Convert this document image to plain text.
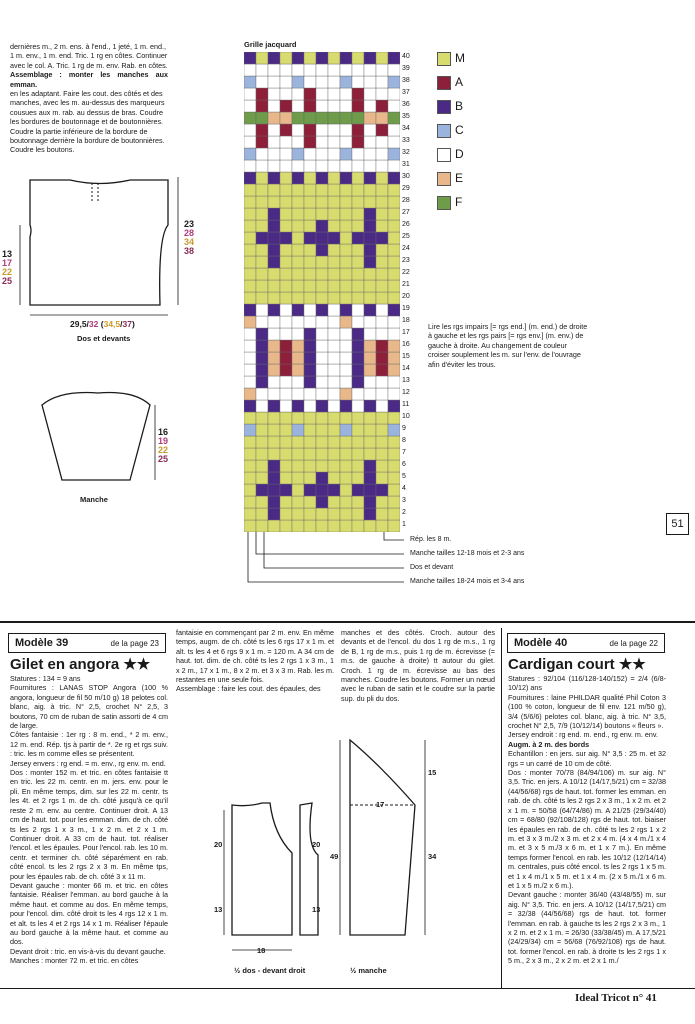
dernières m., 2 m. ens. à l'end., 1 jeté, 1 m. end.,
1 m. env., 1 m. end. Tric. 1 rg en côtes. Continuer
avec le col. A. Tric. 1 rg de m. env. Rab. en côtes.
Assemblage : monter les manches aux emman.
en les adaptant. Faire les cout. des côtés et des
manches, avec les m. au-dessus des marqueurs
cousues aux m. rab. au dessus de bras. Coudre
les bordures de boutonnage et de boutonnières.
Coudre la partie inférieure de la bordure de
boutonnage derrière la bordure de boutonnières.
Coudre les boutons.
23
28
34
38
13
17
22
25
29,5/32 (34,5/37)
Dos et devants
16
19
22
25
Manche
Grille jacquard
40
39
38
37
36
35
34
33
32
31
30
29
28
27
26
25
24
23
22
21
20
19
18
17
16
15
14
13
12
11
10
9
8
7
6
5
4
3
2
1
M
A
B
C
D
E
F
Lire les rgs impairs [= rgs end.] (m. end.) de droite à gauche et les rgs pairs [= rgs env.] (m. env.) de gauche à droite. Au changement de couleur croiser souplement les m. sur l'env. de l'ouvrage afin d'éviter les trous.
Rép. les 8 m.
Manche tailles 12-18 mois et 2-3 ans
Dos et devant
Manche tailles 18-24 mois et 3-4 ans
51
Modèle 39	de la page 23
Gilet en angora ★★
Statures : 134 = 9 ans
Fournitures : LANAS STOP Angora (100 % angora, longueur de fil 50 m/10 g) 18 pelotes col. blanc, aig. à tric. N° 2,5, crochet N° 2,5, 3 boutons, 70 cm de ruban de satin assorti de 4 cm de large.
Côtes fantaisie : 1er rg : 8 m. end., * 2 m. env., 12 m. end. Rép. tjs à partir de *. 2e rg et rgs suiv. : tric. les m comme elles se présentent.
Jersey envers : rg end. = m. env., rg env. m. end.
Dos : monter 152 m. et tric. en côtes fantaisie tt en tric. les 22 m. centr. en m. jers. env. pour le pli. En même temps, dim. sur les 22 m. centr. ts les 4t. et 2 rgs 1 m. de ch. côté jusqu'à ce qu'il reste 2 m. env. au centre. Continuer droit. A 13 cm de haut. tot. pour les emman. dim. de ch. côté ts les 2 rgs 1 x 3 m., 1 x 2 m. et 2 x 1 m. Continuer droit. A 33 cm de haut. tot. réaliser l'encol. et les épaules. Pour l'encol. rab. les 10 m. centr. et terminer ch. côté séparément en rab. côté encol. ts les 2 rgs 2 x 3 m. En même tps, pour les épaules rab. de ch. côté 3 x 11 m.
Devant gauche : monter 66 m. et tric. en côtes fantaisie. Réaliser l'emman. au bord gauche à la même haut. et comme au dos. En même temps, pour l'encol. dim. côté droit ts les 4 rgs 12 x 1 m. et alt. ts les 4 et 2 rgs 14 x 1 m. Réaliser l'épaule au bord gauche à la même haut. et comme au dos.
Devant droit : tric. en vis-à-vis du devant gauche.
Manches : monter 72 m. et tric. en côtes
fantaisie en commençant par 2 m. env. En même temps, augm. de ch. côté ts les 6 rgs 17 x 1 m. et alt. ts les 4 et 6 rgs 9 x 1 m. = 120 m. A 34 cm de haut. tot. dim. de ch. côté ts les 2 rgs 1 x 3 m., 1 x 2 m., 17 x 1 m., 8 x 2 m. et 3 x 3 m. Rab. les m. restantes en une seule fois.
Assemblage : faire les cout. des épaules, des
manches et des côtés. Croch. autour des devants et de l'encol. du dos 1 rg de m.s., 1 rg de B, 1 rg de m.s., puis 1 rg de m. écrevisse (= m.s. de gauche à droite) tt autour du gilet. Croch. 1 rg de m. écrevisse au bas des manches. Coudre les boutons. Former un nœud avec le ruban de satin et le coudre sur la partie sup. du pli du dos.
20
13
20
13
18
17
15
34
49
½ dos - devant droit	½ manche
Modèle 40	de la page 22
Cardigan court ★★
Statures : 92/104 (116/128-140/152) = 2/4 (6/8-10/12) ans
Fournitures : laine PHILDAR qualité Phil Coton 3 (100 % coton, longueur de fil env. 121 m/50 g), 3/4 (5/6/6) pelotes col. blanc, aig. à tric. N° 3,5, crochet N° 2,5, 7/9 (10/12/14) boutons « fleurs ».
Jersey endroit : rg end. m. end., rg env. m. env.
Augm. à 2 m. des bords
Echantillon : en jers. sur aig. N° 3,5 : 25 m. et 32 rgs = un carré de 10 cm de côté.
Dos : monter 70/78 (84/94/106) m. sur aig. N° 3,5. Tric. en jers. A 10/12 (14/17,5/21) cm = 32/38 (44/56/68) rgs de haut. tot. former les emman. en rab. de ch. côté ts les 2 rgs 2 x 3 m., 1 x 2 m. et 2 x 1 m. = 50/58 (64/74/86) m. A 21/25 (29/34/40) cm = 68/80 (92/108/128) rgs de haut. tot. biaiser les épaules en rab. de ch. côté ts les 2 rgs 1 x 2 m. et 3 x 3 m./2 x 3 m. et 2 x 4 m. (4 x 4 m./1 x 4 m. et 3 x 5 m./3 x 6 m. et 1 x 7 m.). En même temps former l'encol. en rab. les 10/12 (12/14/14) m. centrales, puis côté encol. ts les 2 rgs 1 x 5 m. et 1 x 4 m./1 x 5 m. et 1 x 4 m. (2 x 5 m./1 x 6 m. et 1 x 5 m./2 x 6 m.).
Devant gauche : monter 36/40 (43/48/55) m. sur aig. N° 3,5. Tric. en jers. A 10/12 (14/17,5/21) cm = 32/38 (44/56/68) rgs de haut. tot. former l'emman. en rab. à gauche ts les 2 rgs 2 x 3 m., 1 x 2 m. et 2 x 1 m. = 26/30 (33/38/45) m. A 17,5/21 (24/29/34) cm = 56/68 (76/92/108) rgs de haut. tot. former l'encol. en rab. à droite ts les 2 rgs 1 x 5 m., 2 x 3 m., 2 x 2 m. et 2 x 1 m./
Ideal Tricot n° 41
